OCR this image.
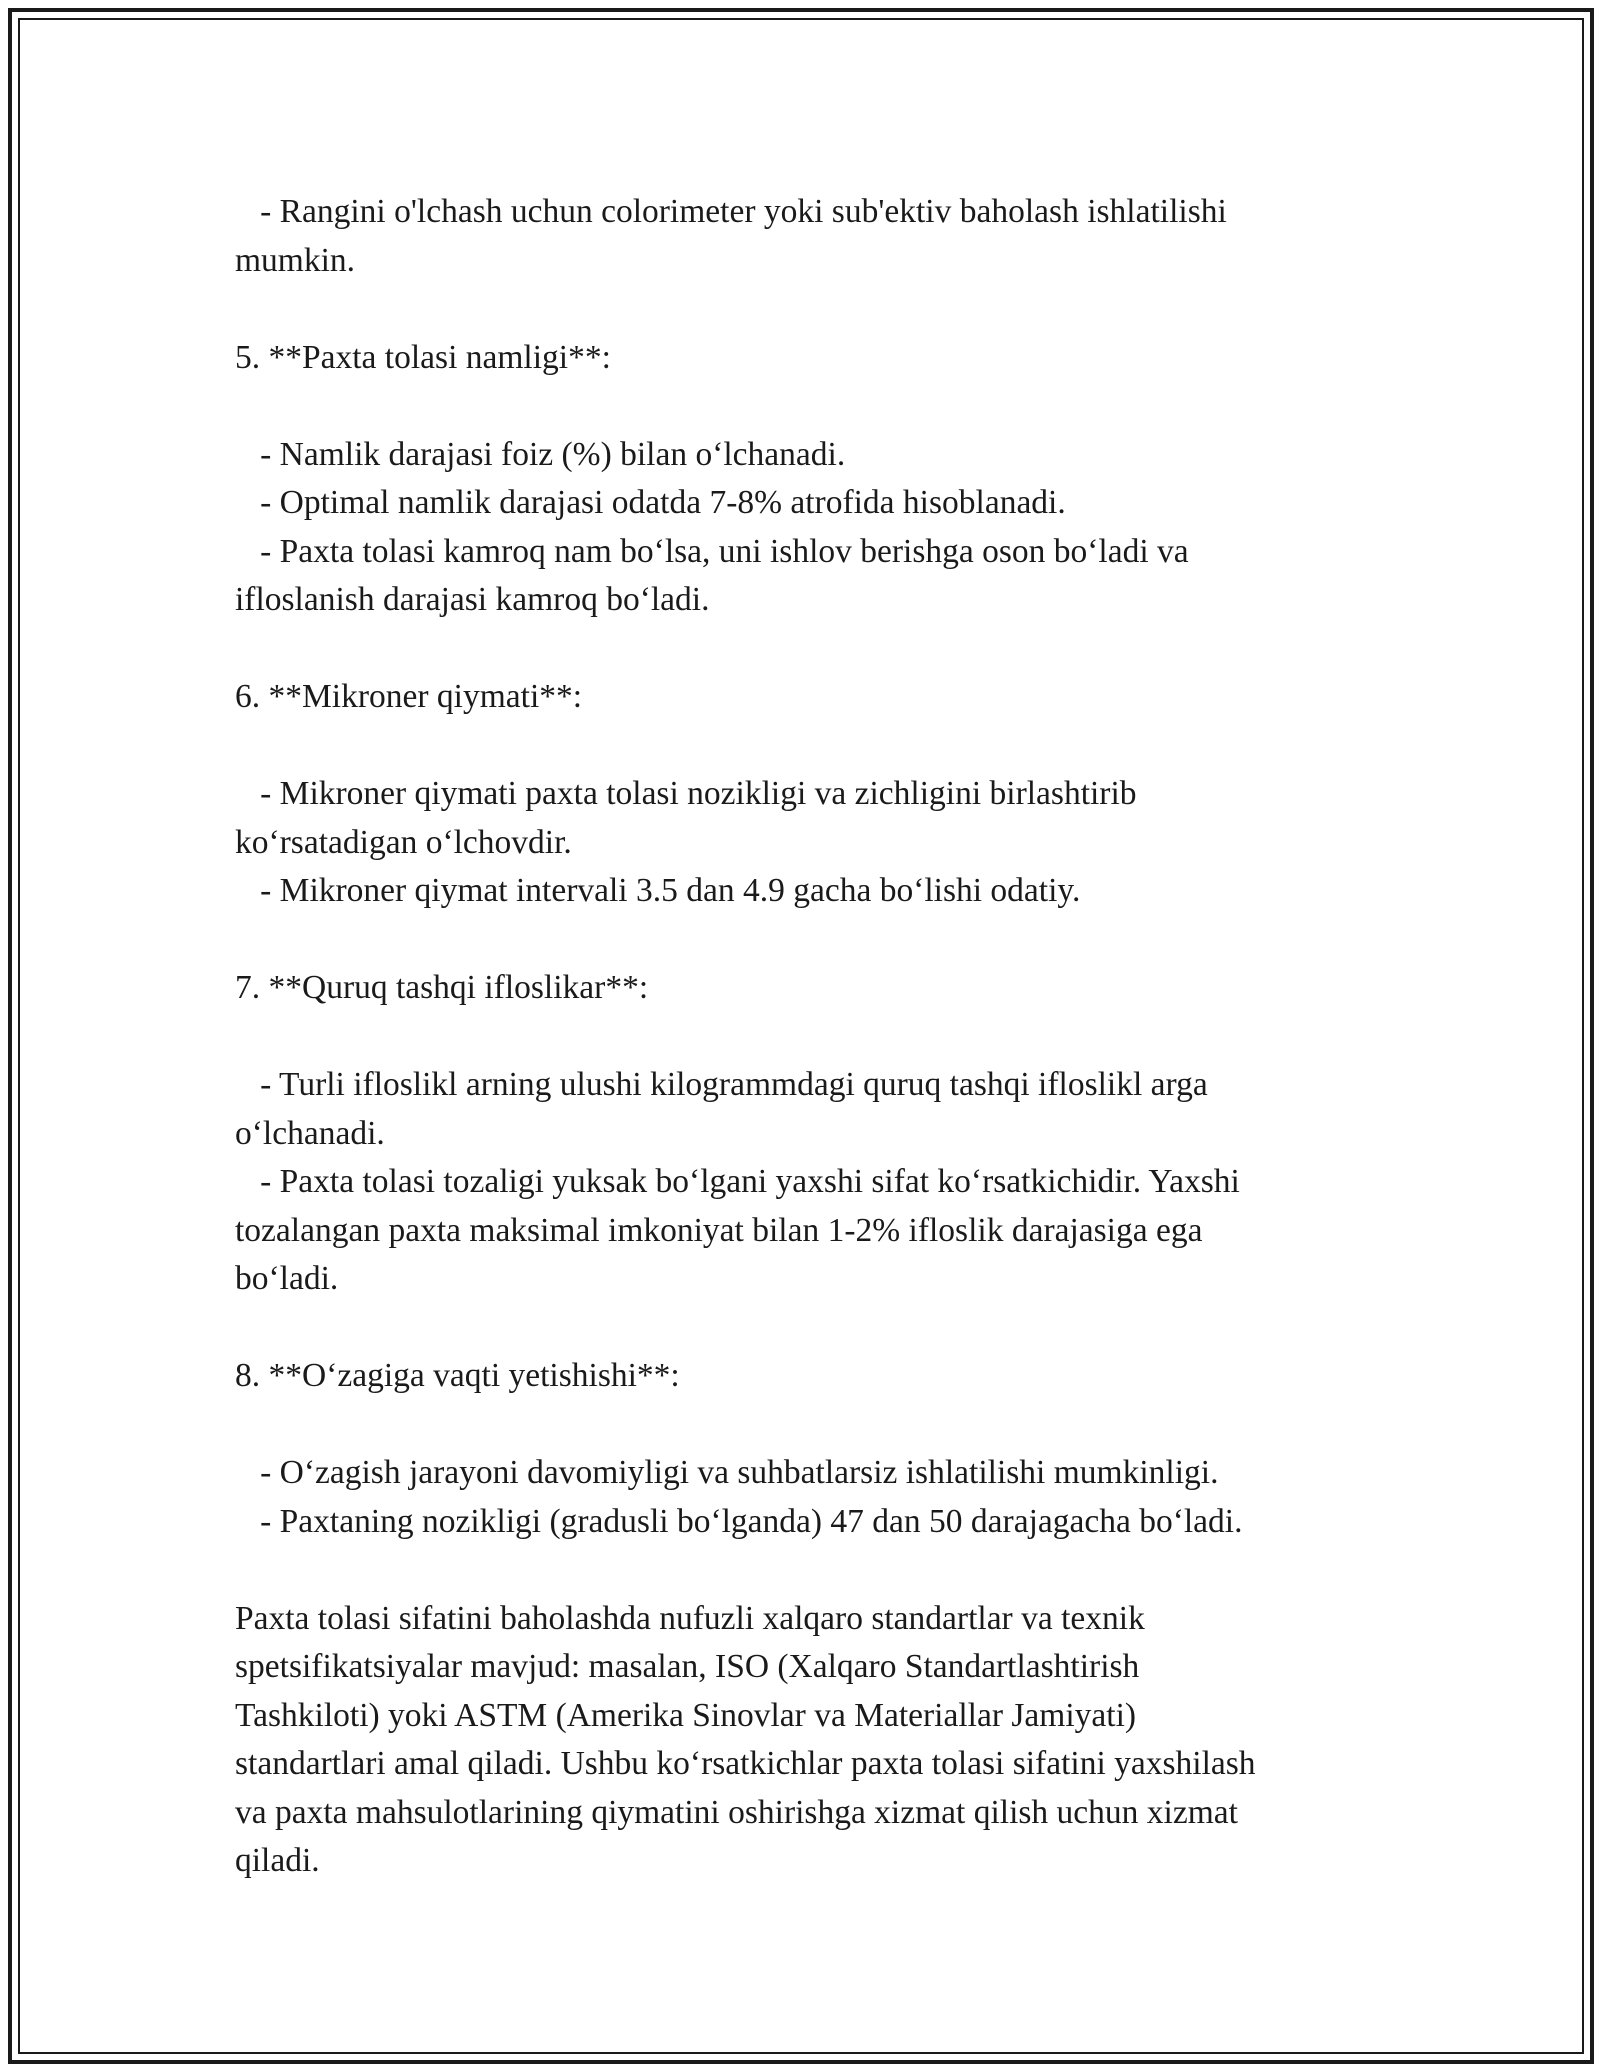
- Rangini o'lchash uchun colorimeter yoki sub'ektiv baholash ishlatilishi
mumkin.

5. **Paxta tolasi namligi**:

- Namlik darajasi foiz (%) bilan oʻlchanadi.

- Optimal namlik darajasi odatda 7-8% atrofida hisoblanadi.

- Paxta tolasi kamroq nam boʻlsa, uni ishlov berishga oson boʻladi va
ifloslanish darajasi kamroq boʻladi.

6. **Mikroner qiymati**:

- Mikroner qiymati paxta tolasi nozikligi va zichligini birlashtirib
koʻrsatadigan oʻlchovdir.

- Mikroner qiymat intervali 3.5 dan 4.9 gacha boʻlishi odatiy.

7. **Quruq tashqi ifloslikar**:

- Turli ifloslikl arning ulushi kilogrammdagi quruq tashqi ifloslikl arga
oʻlchanadi.

- Paxta tolasi tozaligi yuksak boʻlgani yaxshi sifat koʻrsatkichidir. Yaxshi
tozalangan paxta maksimal imkoniyat bilan 1-2% ifloslik darajasiga ega
boʻladi.

8. **Oʻzagiga vaqti yetishishi**:

- Oʻzagish jarayoni davomiyligi va suhbatlarsiz ishlatilishi mumkinligi.

- Paxtaning nozikligi (gradusli boʻlganda) 47 dan 50 darajagacha boʻladi.

Paxta tolasi sifatini baholashda nufuzli xalqaro standartlar va texnik
spetsifikatsiyalar mavjud: masalan, ISO (Xalqaro Standartlashtirish
Tashkiloti) yoki ASTM (Amerika Sinovlar va Materiallar Jamiyati)
standartlari amal qiladi. Ushbu koʻrsatkichlar paxta tolasi sifatini yaxshilash
va paxta mahsulotlarining qiymatini oshirishga xizmat qilish uchun xizmat
qiladi.
